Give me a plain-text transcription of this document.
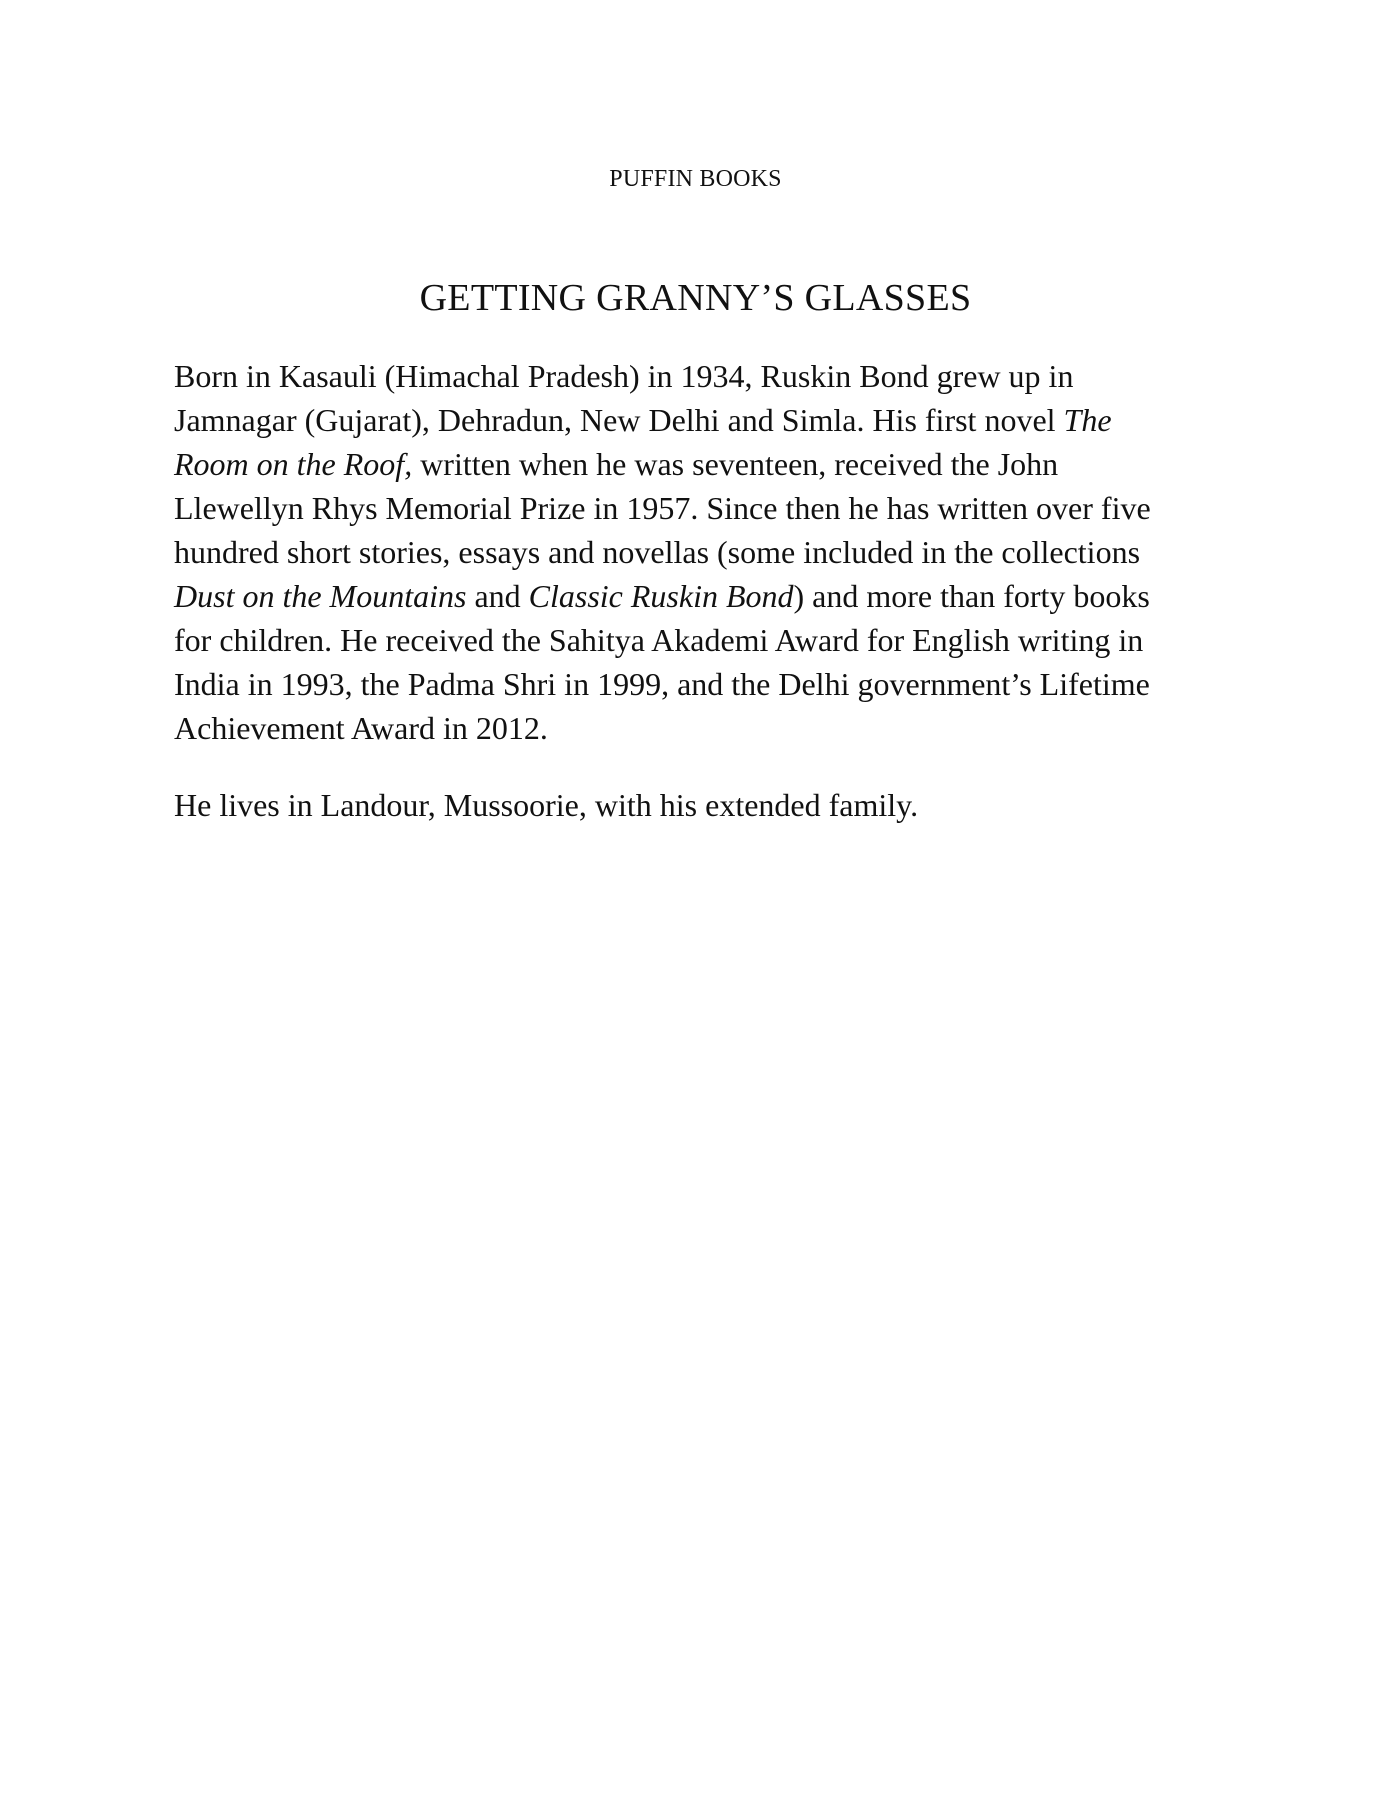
PUFFIN BOOKS
GETTING GRANNY’S GLASSES

Born in Kasauli (Himachal Pradesh) in 1934, Ruskin Bond grew up in
Jamnagar (Gujarat), Dehradun, New Delhi and Simla. His first novel The
Room on the Roof, written when he was seventeen, received the John
Llewellyn Rhys Memorial Prize in 1957. Since then he has written over five
hundred short stories, essays and novellas (some included in the collections
Dust on the Mountains and Classic Ruskin Bond) and more than forty books
for children. He received the Sahitya Akademi Award for English writing in
India in 1993, the Padma Shri in 1999, and the Delhi government’s Lifetime
Achievement Award in 2012.

He lives in Landour, Mussoorie, with his extended family.
